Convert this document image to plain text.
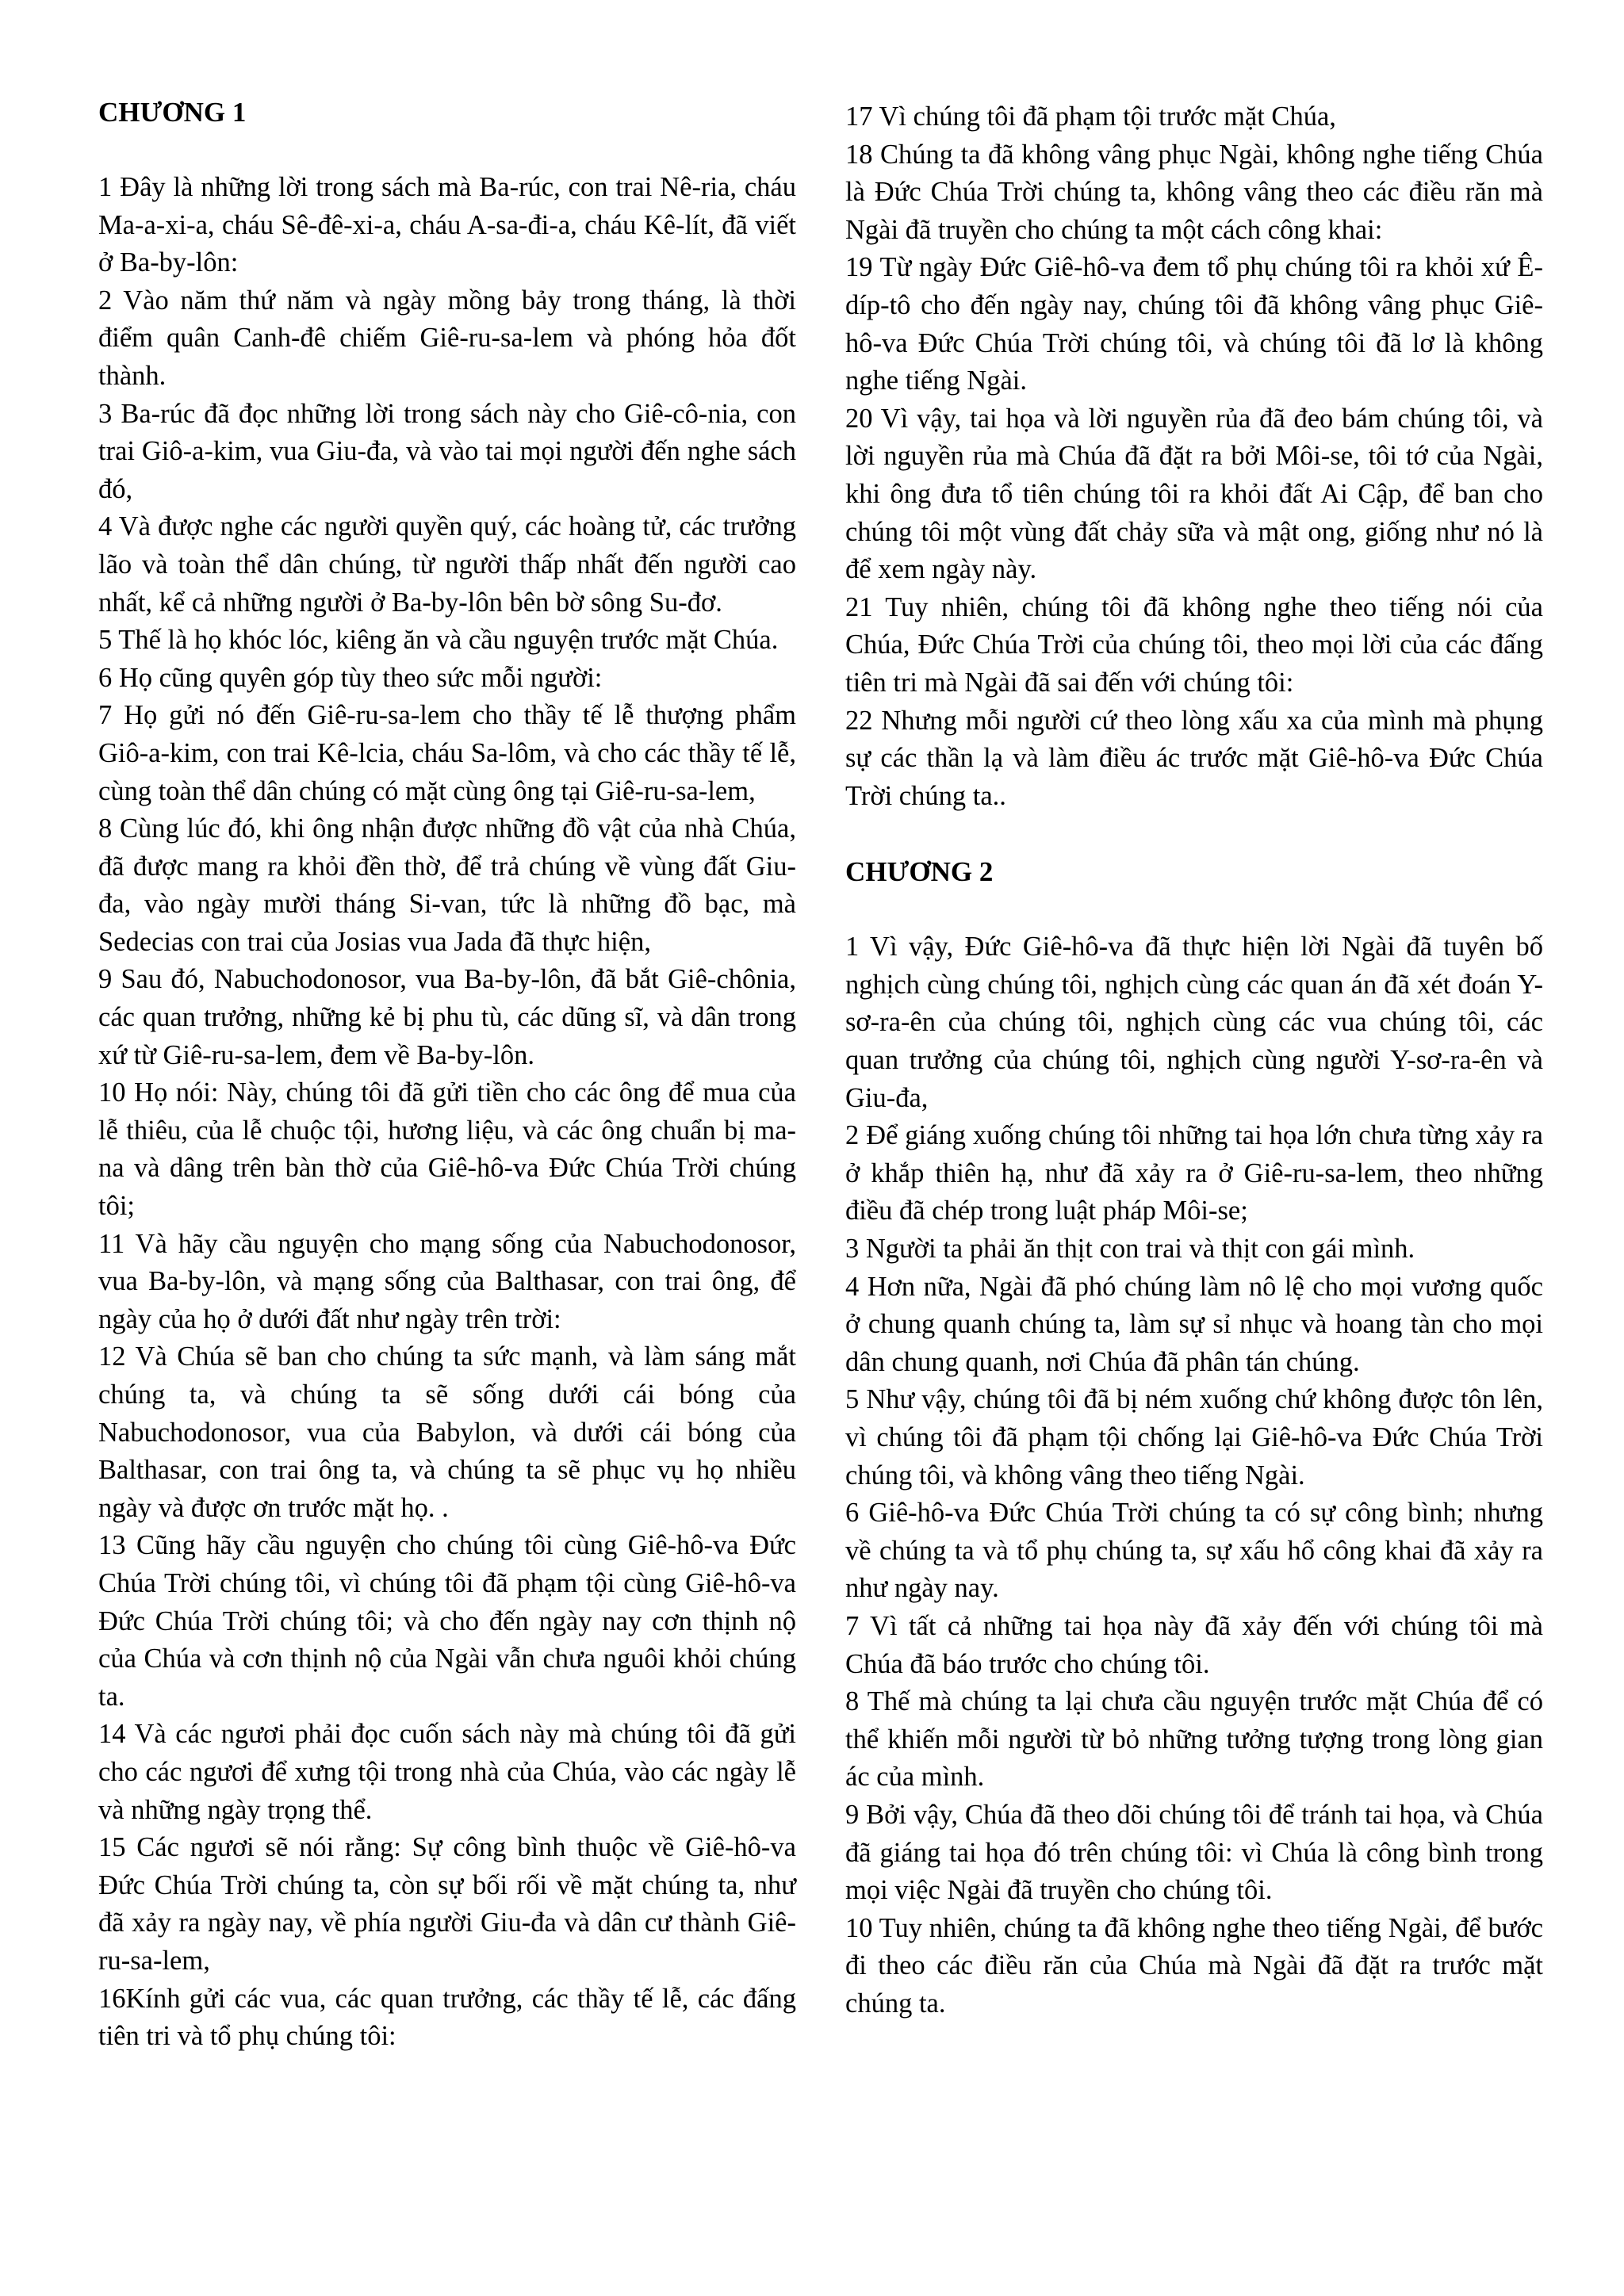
CHƯƠNG 1

1 Đây là những lời trong sách mà Ba-rúc, con trai Nê-ria, cháu Ma-a-xi-a, cháu Sê-đê-xi-a, cháu A-sa-đi-a, cháu Kê-lít, đã viết ở Ba-by-lôn:

2 Vào năm thứ năm và ngày mồng bảy trong tháng, là thời điểm quân Canh-đê chiếm Giê-ru-sa-lem và phóng hỏa đốt thành.

3 Ba-rúc đã đọc những lời trong sách này cho Giê-cô-nia, con trai Giô-a-kim, vua Giu-đa, và vào tai mọi người đến nghe sách đó,

4 Và được nghe các người quyền quý, các hoàng tử, các trưởng lão và toàn thể dân chúng, từ người thấp nhất đến người cao nhất, kể cả những người ở Ba-by-lôn bên bờ sông Su-đơ.

5 Thế là họ khóc lóc, kiêng ăn và cầu nguyện trước mặt Chúa.

6 Họ cũng quyên góp tùy theo sức mỗi người:

7 Họ gửi nó đến Giê-ru-sa-lem cho thầy tế lễ thượng phẩm Giô-a-kim, con trai Kê-lcia, cháu Sa-lôm, và cho các thầy tế lễ, cùng toàn thể dân chúng có mặt cùng ông tại Giê-ru-sa-lem,

8 Cùng lúc đó, khi ông nhận được những đồ vật của nhà Chúa, đã được mang ra khỏi đền thờ, để trả chúng về vùng đất Giu-đa, vào ngày mười tháng Si-van, tức là những đồ bạc, mà Sedecias con trai của Josias vua Jada đã thực hiện,

9 Sau đó, Nabuchodonosor, vua Ba-by-lôn, đã bắt Giê-chônia, các quan trưởng, những kẻ bị phu tù, các dũng sĩ, và dân trong xứ từ Giê-ru-sa-lem, đem về Ba-by-lôn.

10 Họ nói: Này, chúng tôi đã gửi tiền cho các ông để mua của lễ thiêu, của lễ chuộc tội, hương liệu, và các ông chuẩn bị ma-na và dâng trên bàn thờ của Giê-hô-va Đức Chúa Trời chúng tôi;

11 Và hãy cầu nguyện cho mạng sống của Nabuchodonosor, vua Ba-by-lôn, và mạng sống của Balthasar, con trai ông, để ngày của họ ở dưới đất như ngày trên trời:

12 Và Chúa sẽ ban cho chúng ta sức mạnh, và làm sáng mắt chúng ta, và chúng ta sẽ sống dưới cái bóng của Nabuchodonosor, vua của Babylon, và dưới cái bóng của Balthasar, con trai ông ta, và chúng ta sẽ phục vụ họ nhiều ngày và được ơn trước mặt họ. .

13 Cũng hãy cầu nguyện cho chúng tôi cùng Giê-hô-va Đức Chúa Trời chúng tôi, vì chúng tôi đã phạm tội cùng Giê-hô-va Đức Chúa Trời chúng tôi; và cho đến ngày nay cơn thịnh nộ của Chúa và cơn thịnh nộ của Ngài vẫn chưa nguôi khỏi chúng ta.

14 Và các ngươi phải đọc cuốn sách này mà chúng tôi đã gửi cho các ngươi để xưng tội trong nhà của Chúa, vào các ngày lễ và những ngày trọng thể.

15 Các ngươi sẽ nói rằng: Sự công bình thuộc về Giê-hô-va Đức Chúa Trời chúng ta, còn sự bối rối về mặt chúng ta, như đã xảy ra ngày nay, về phía người Giu-đa và dân cư thành Giê-ru-sa-lem,

16Kính gửi các vua, các quan trưởng, các thầy tế lễ, các đấng tiên tri và tổ phụ chúng tôi:

17 Vì chúng tôi đã phạm tội trước mặt Chúa,

18 Chúng ta đã không vâng phục Ngài, không nghe tiếng Chúa là Đức Chúa Trời chúng ta, không vâng theo các điều răn mà Ngài đã truyền cho chúng ta một cách công khai:

19 Từ ngày Đức Giê-hô-va đem tổ phụ chúng tôi ra khỏi xứ Ê-díp-tô cho đến ngày nay, chúng tôi đã không vâng phục Giê-hô-va Đức Chúa Trời chúng tôi, và chúng tôi đã lơ là không nghe tiếng Ngài.

20 Vì vậy, tai họa và lời nguyền rủa đã đeo bám chúng tôi, và lời nguyền rủa mà Chúa đã đặt ra bởi Môi-se, tôi tớ của Ngài, khi ông đưa tổ tiên chúng tôi ra khỏi đất Ai Cập, để ban cho chúng tôi một vùng đất chảy sữa và mật ong, giống như nó là để xem ngày này.

21 Tuy nhiên, chúng tôi đã không nghe theo tiếng nói của Chúa, Đức Chúa Trời của chúng tôi, theo mọi lời của các đấng tiên tri mà Ngài đã sai đến với chúng tôi:

22 Nhưng mỗi người cứ theo lòng xấu xa của mình mà phụng sự các thần lạ và làm điều ác trước mặt Giê-hô-va Đức Chúa Trời chúng ta..

CHƯƠNG 2

1 Vì vậy, Đức Giê-hô-va đã thực hiện lời Ngài đã tuyên bố nghịch cùng chúng tôi, nghịch cùng các quan án đã xét đoán Y-sơ-ra-ên của chúng tôi, nghịch cùng các vua chúng tôi, các quan trưởng của chúng tôi, nghịch cùng người Y-sơ-ra-ên và Giu-đa,

2 Để giáng xuống chúng tôi những tai họa lớn chưa từng xảy ra ở khắp thiên hạ, như đã xảy ra ở Giê-ru-sa-lem, theo những điều đã chép trong luật pháp Môi-se;

3 Người ta phải ăn thịt con trai và thịt con gái mình.

4 Hơn nữa, Ngài đã phó chúng làm nô lệ cho mọi vương quốc ở chung quanh chúng ta, làm sự sỉ nhục và hoang tàn cho mọi dân chung quanh, nơi Chúa đã phân tán chúng.

5 Như vậy, chúng tôi đã bị ném xuống chứ không được tôn lên, vì chúng tôi đã phạm tội chống lại Giê-hô-va Đức Chúa Trời chúng tôi, và không vâng theo tiếng Ngài.

6 Giê-hô-va Đức Chúa Trời chúng ta có sự công bình; nhưng về chúng ta và tổ phụ chúng ta, sự xấu hổ công khai đã xảy ra như ngày nay.

7 Vì tất cả những tai họa này đã xảy đến với chúng tôi mà Chúa đã báo trước cho chúng tôi.

8 Thế mà chúng ta lại chưa cầu nguyện trước mặt Chúa để có thể khiến mỗi người từ bỏ những tưởng tượng trong lòng gian ác của mình.

9 Bởi vậy, Chúa đã theo dõi chúng tôi để tránh tai họa, và Chúa đã giáng tai họa đó trên chúng tôi: vì Chúa là công bình trong mọi việc Ngài đã truyền cho chúng tôi.

10 Tuy nhiên, chúng ta đã không nghe theo tiếng Ngài, để bước đi theo các điều răn của Chúa mà Ngài đã đặt ra trước mặt chúng ta.
